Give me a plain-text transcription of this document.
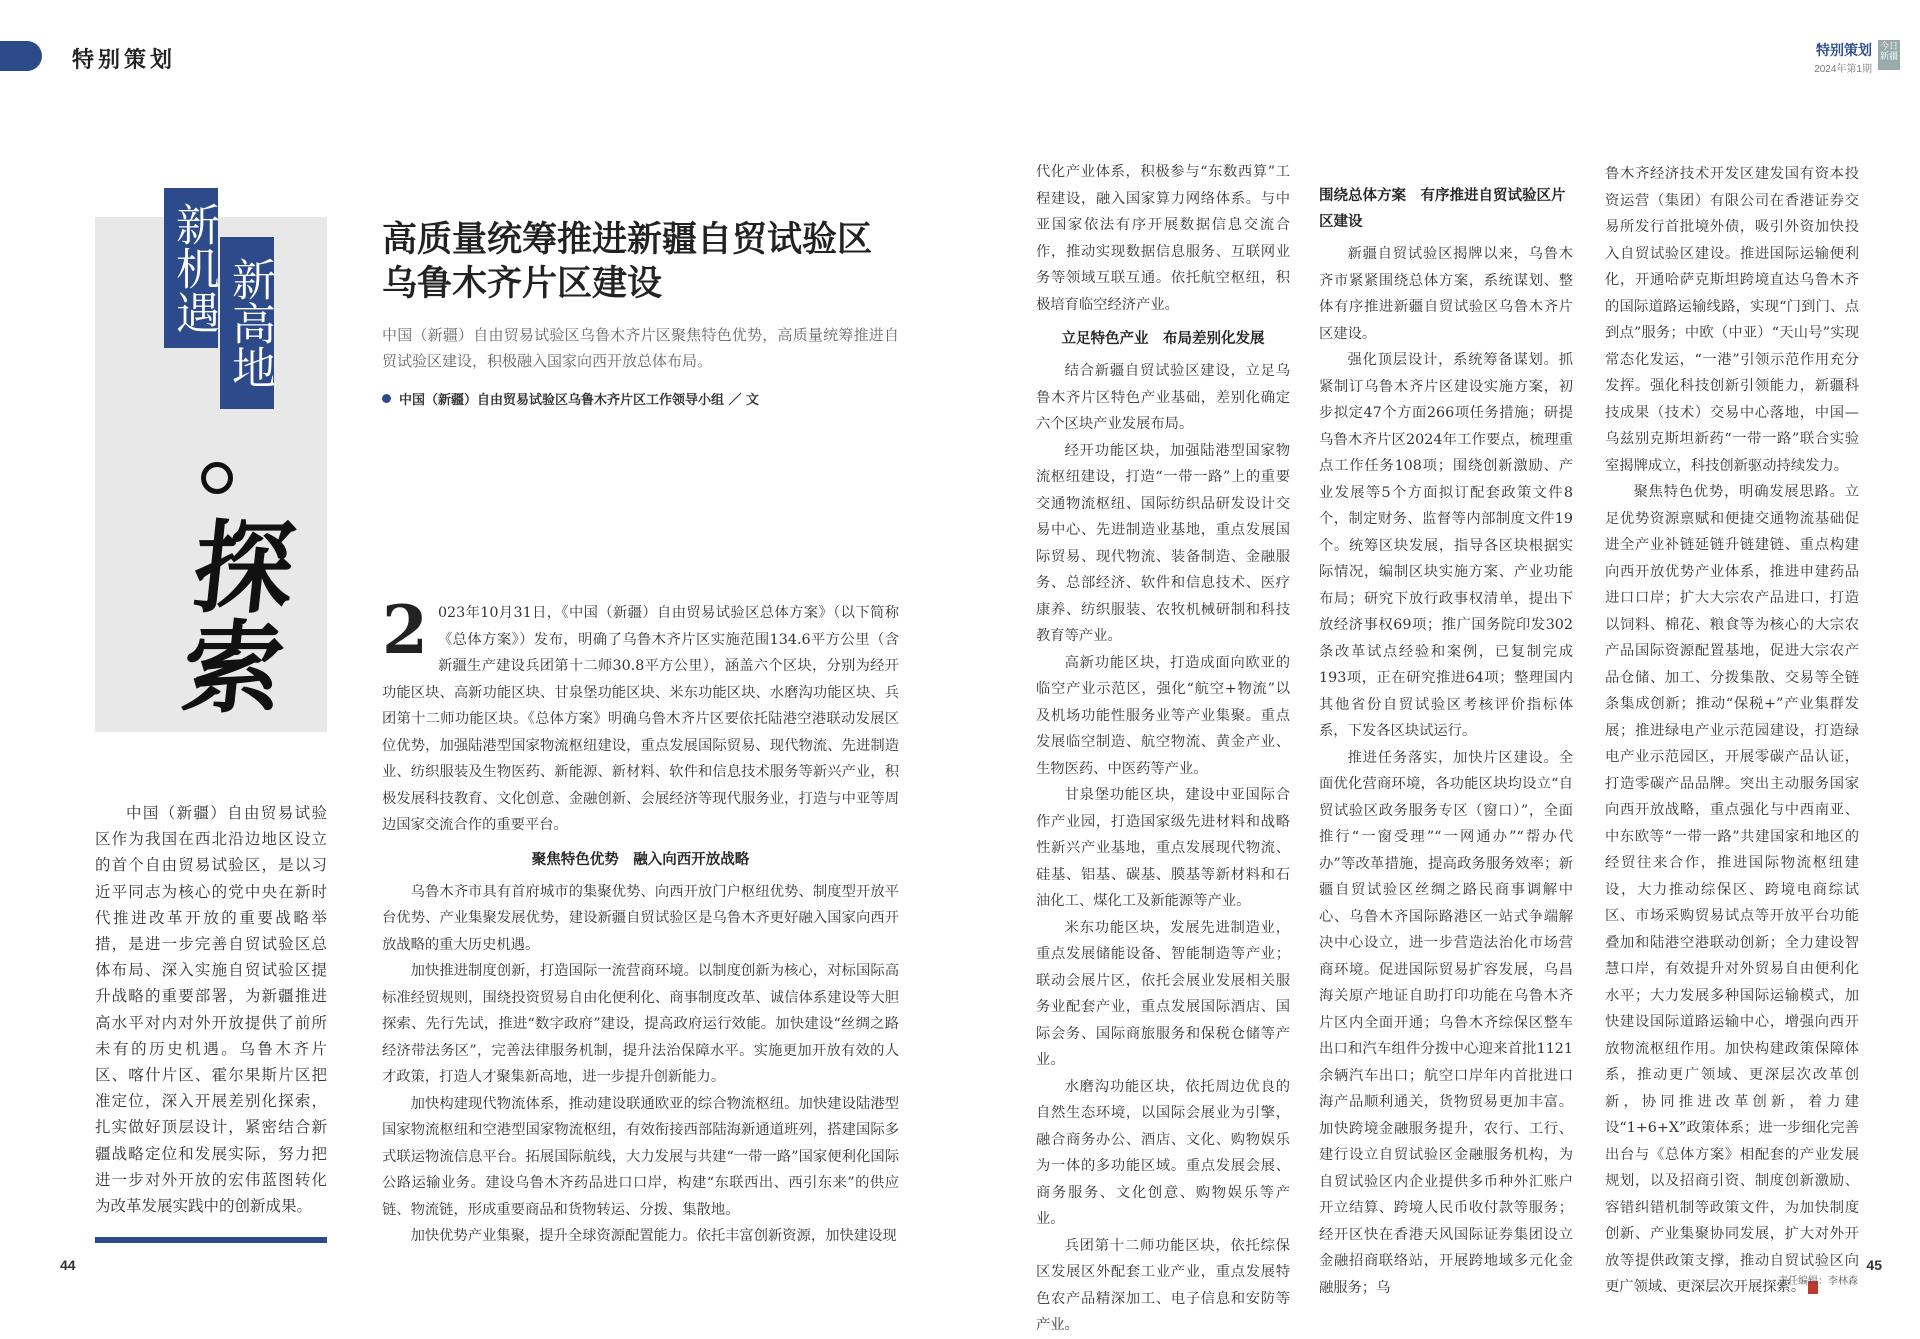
特别策划	特别策划
2024年第1期
今日新疆
新机遇 新高地
探索
中国（新疆）自由贸易试验区作为我国在西北沿边地区设立的首个自由贸易试验区，是以习近平同志为核心的党中央在新时代推进改革开放的重要战略举措，是进一步完善自贸试验区总体布局、深入实施自贸试验区提升战略的重要部署，为新疆推进高水平对内对外开放提供了前所未有的历史机遇。乌鲁木齐片区、喀什片区、霍尔果斯片区把准定位，深入开展差别化探索，扎实做好顶层设计，紧密结合新疆战略定位和发展实际，努力把进一步对外开放的宏伟蓝图转化为改革发展实践中的创新成果。
高质量统筹推进新疆自贸试验区
乌鲁木齐片区建设
中国（新疆）自由贸易试验区乌鲁木齐片区聚焦特色优势，高质量统筹推进自贸试验区建设，积极融入国家向西开放总体布局。
中国（新疆）自由贸易试验区乌鲁木齐片区工作领导小组 ／ 文

2 023年10月31日，《中国（新疆）自由贸易试验区总体方案》（以下简称《总体方案》）发布，明确了乌鲁木齐片区实施范围134.6平方公里（含新疆生产建设兵团第十二师30.8平方公里），涵盖六个区块，分别为经开功能区块、高新功能区块、甘泉堡功能区块、米东功能区块、水磨沟功能区块、兵团第十二师功能区块。《总体方案》明确乌鲁木齐片区要依托陆港空港联动发展区位优势，加强陆港型国家物流枢纽建设，重点发展国际贸易、现代物流、先进制造业、纺织服装及生物医药、新能源、新材料、软件和信息技术服务等新兴产业，积极发展科技教育、文化创意、金融创新、会展经济等现代服务业，打造与中亚等周边国家交流合作的重要平台。

聚焦特色优势　融入向西开放战略

乌鲁木齐市具有首府城市的集聚优势、向西开放门户枢纽优势、制度型开放平台优势、产业集聚发展优势，建设新疆自贸试验区是乌鲁木齐更好融入国家向西开放战略的重大历史机遇。

加快推进制度创新，打造国际一流营商环境。以制度创新为核心，对标国际高标准经贸规则，围绕投资贸易自由化便利化、商事制度改革、诚信体系建设等大胆探索、先行先试，推进“数字政府”建设，提高政府运行效能。加快建设“丝绸之路经济带法务区”，完善法律服务机制，提升法治保障水平。实施更加开放有效的人才政策，打造人才聚集新高地，进一步提升创新能力。

加快构建现代物流体系，推动建设联通欧亚的综合物流枢纽。加快建设陆港型国家物流枢纽和空港型国家物流枢纽，有效衔接西部陆海新通道班列，搭建国际多式联运物流信息平台。拓展国际航线，大力发展与共建“一带一路”国家便利化国际公路运输业务。建设乌鲁木齐药品进口口岸，构建“东联西出、西引东来”的供应链、物流链，形成重要商品和货物转运、分拨、集散地。

加快优势产业集聚，提升全球资源配置能力。依托丰富创新资源，加快建设现

代化产业体系，积极参与“东数西算”工程建设，融入国家算力网络体系。与中亚国家依法有序开展数据信息交流合作，推动实现数据信息服务、互联网业务等领域互联互通。依托航空枢纽，积极培育临空经济产业。

立足特色产业　布局差别化发展

结合新疆自贸试验区建设，立足乌鲁木齐片区特色产业基础，差别化确定六个区块产业发展布局。

经开功能区块，加强陆港型国家物流枢纽建设，打造“一带一路”上的重要交通物流枢纽、国际纺织品研发设计交易中心、先进制造业基地，重点发展国际贸易、现代物流、装备制造、金融服务、总部经济、软件和信息技术、医疗康养、纺织服装、农牧机械研制和科技教育等产业。

高新功能区块，打造成面向欧亚的临空产业示范区，强化“航空+物流”以及机场功能性服务业等产业集聚。重点发展临空制造、航空物流、黄金产业、生物医药、中医药等产业。

甘泉堡功能区块，建设中亚国际合作产业园，打造国家级先进材料和战略性新兴产业基地，重点发展现代物流、硅基、铝基、碳基、膜基等新材料和石油化工、煤化工及新能源等产业。

米东功能区块，发展先进制造业，重点发展储能设备、智能制造等产业；联动会展片区，依托会展业发展相关服务业配套产业，重点发展国际酒店、国际会务、国际商旅服务和保税仓储等产业。

水磨沟功能区块，依托周边优良的自然生态环境，以国际会展业为引擎，融合商务办公、酒店、文化、购物娱乐为一体的多功能区域。重点发展会展、商务服务、文化创意、购物娱乐等产业。

兵团第十二师功能区块，依托综保区发展区外配套工业产业，重点发展特色农产品精深加工、电子信息和安防等产业。

围绕总体方案　有序推进自贸试验区片区建设

新疆自贸试验区揭牌以来，乌鲁木齐市紧紧围绕总体方案，系统谋划、整体有序推进新疆自贸试验区乌鲁木齐片区建设。

强化顶层设计，系统筹备谋划。抓紧制订乌鲁木齐片区建设实施方案，初步拟定47个方面266项任务措施；研提乌鲁木齐片区2024年工作要点，梳理重点工作任务108项；围绕创新激励、产业发展等5个方面拟订配套政策文件8个，制定财务、监督等内部制度文件19个。统筹区块发展，指导各区块根据实际情况，编制区块实施方案、产业功能布局；研究下放行政事权清单，提出下放经济事权69项；推广国务院印发302条改革试点经验和案例，已复制完成193项，正在研究推进64项；整理国内其他省份自贸试验区考核评价指标体系，下发各区块试运行。

推进任务落实，加快片区建设。全面优化营商环境，各功能区块均设立“自贸试验区政务服务专区（窗口）”，全面推行“一窗受理”“一网通办”“帮办代办”等改革措施，提高政务服务效率；新疆自贸试验区丝绸之路民商事调解中心、乌鲁木齐国际路港区一站式争端解决中心设立，进一步营造法治化市场营商环境。促进国际贸易扩容发展，乌昌海关原产地证自助打印功能在乌鲁木齐片区内全面开通；乌鲁木齐综保区整车出口和汽车组件分拨中心迎来首批1121余辆汽车出口；航空口岸年内首批进口海产品顺利通关，货物贸易更加丰富。加快跨境金融服务提升，农行、工行、建行设立自贸试验区金融服务机构，为自贸试验区内企业提供多币种外汇账户开立结算、跨境人民币收付款等服务；经开区快在香港天风国际证券集团设立金融招商联络站，开展跨地域多元化金融服务；乌

鲁木齐经济技术开发区建发国有资本投资运营（集团）有限公司在香港证券交易所发行首批境外债，吸引外资加快投入自贸试验区建设。推进国际运输便利化，开通哈萨克斯坦跨境直达乌鲁木齐的国际道路运输线路，实现“门到门、点到点”服务；中欧（中亚）“天山号”实现常态化发运，“一港”引领示范作用充分发挥。强化科技创新引领能力，新疆科技成果（技术）交易中心落地，中国—乌兹别克斯坦新药“一带一路”联合实验室揭牌成立，科技创新驱动持续发力。

聚焦特色优势，明确发展思路。立足优势资源禀赋和便捷交通物流基础促进全产业补链延链升链建链、重点构建向西开放优势产业体系，推进申建药品进口口岸；扩大大宗农产品进口，打造以饲料、棉花、粮食等为核心的大宗农产品国际资源配置基地，促进大宗农产品仓储、加工、分拨集散、交易等全链条集成创新；推动“保税+”产业集群发展；推进绿电产业示范园建设，打造绿电产业示范园区，开展零碳产品认证，打造零碳产品品牌。突出主动服务国家向西开放战略，重点强化与中西南亚、中东欧等“一带一路”共建国家和地区的经贸往来合作，推进国际物流枢纽建设，大力推动综保区、跨境电商综试区、市场采购贸易试点等开放平台功能叠加和陆港空港联动创新；全力建设智慧口岸，有效提升对外贸易自由便利化水平；大力发展多种国际运输模式，加快建设国际道路运输中心，增强向西开放物流枢纽作用。加快构建政策保障体系，推动更广领域、更深层次改革创新，协同推进改革创新，着力建设“1+6+X”政策体系；进一步细化完善出台与《总体方案》相配套的产业发展规划，以及招商引资、制度创新激励、容错纠错机制等政策文件，为加快制度创新、产业集聚协同发展，扩大对外开放等提供政策支撑，推动自贸试验区向更广领域、更深层次开展探索。

44	45
责任编辑：李林森
